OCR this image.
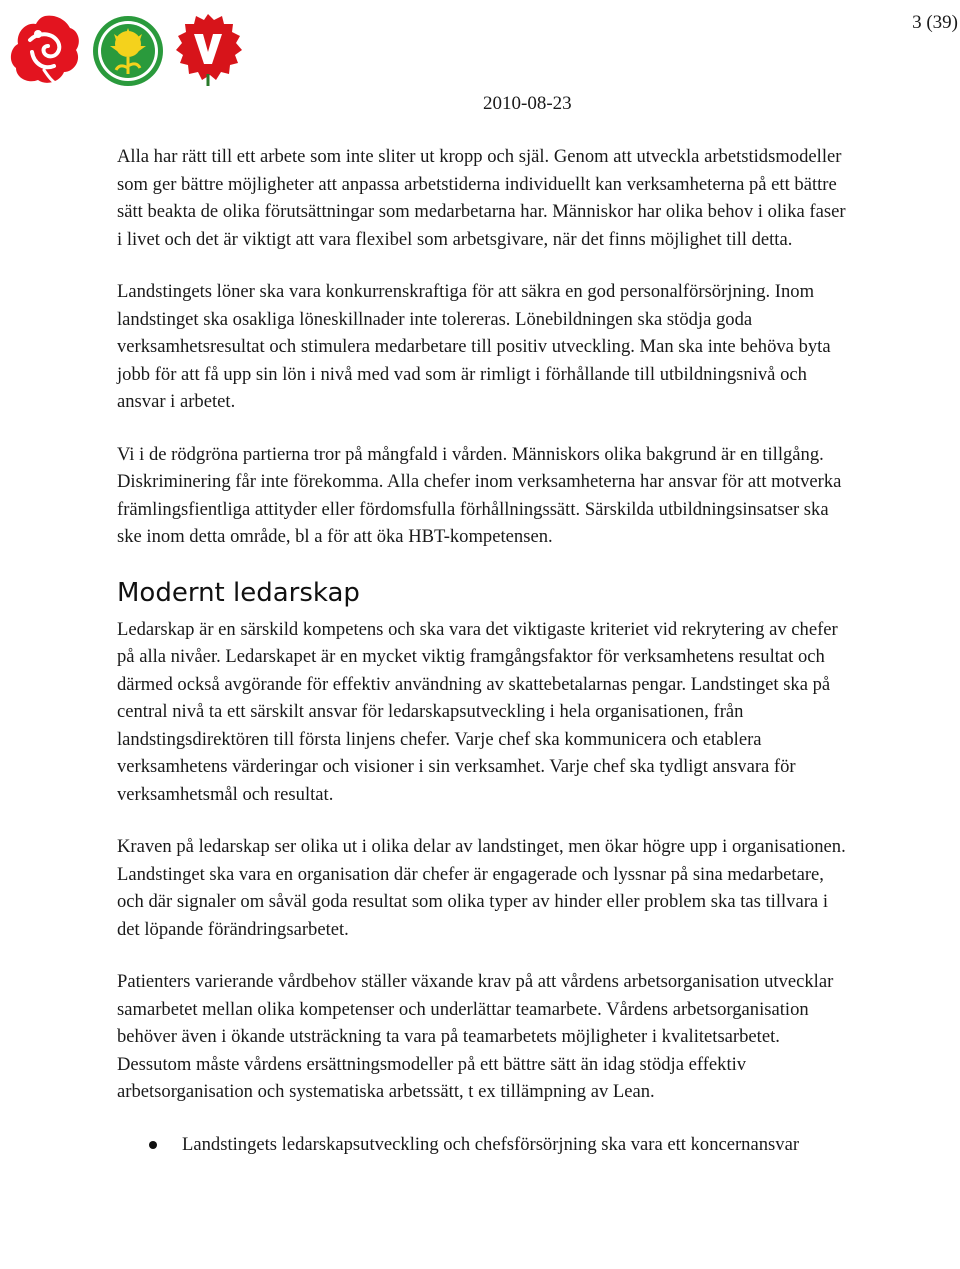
3 (39)
2010-08-23

Alla har rätt till ett arbete som inte sliter ut kropp och själ. Genom att utveckla arbetstidsmodeller som ger bättre möjligheter att anpassa arbetstiderna individuellt kan verksamheterna på ett bättre sätt beakta de olika förutsättningar som medarbetarna har. Människor har olika behov i olika faser i livet och det är viktigt att vara flexibel som arbetsgivare, när det finns möjlighet till detta.

Landstingets löner ska vara konkurrenskraftiga för att säkra en god personalförsörjning. Inom landstinget ska osakliga löneskillnader inte tolereras. Lönebildningen ska stödja goda verksamhetsresultat och stimulera medarbetare till positiv utveckling. Man ska inte behöva byta jobb för att få upp sin lön i nivå med vad som är rimligt i förhållande till utbildningsnivå och ansvar i arbetet.

Vi i de rödgröna partierna tror på mångfald i vården. Människors olika bakgrund är en tillgång. Diskriminering får inte förekomma. Alla chefer inom verksamheterna har ansvar för att motverka främlingsfientliga attityder eller fördomsfulla förhållningssätt. Särskilda utbildningsinsatser ska ske inom detta område, bl a för att öka HBT-kompetensen.

Modernt ledarskap

Ledarskap är en särskild kompetens och ska vara det viktigaste kriteriet vid rekrytering av chefer på alla nivåer. Ledarskapet är en mycket viktig framgångsfaktor för verksamhetens resultat och därmed också avgörande för effektiv användning av skattebetalarnas pengar. Landstinget ska på central nivå ta ett särskilt ansvar för ledarskapsutveckling i hela organisationen, från landstingsdirektören till första linjens chefer. Varje chef ska kommunicera och etablera verksamhetens värderingar och visioner i sin verksamhet. Varje chef ska tydligt ansvara för verksamhetsmål och resultat.

Kraven på ledarskap ser olika ut i olika delar av landstinget, men ökar högre upp i organisationen. Landstinget ska vara en organisation där chefer är engagerade och lyssnar på sina medarbetare, och där signaler om såväl goda resultat som olika typer av hinder eller problem ska tas tillvara i det löpande förändringsarbetet.

Patienters varierande vårdbehov ställer växande krav på att vårdens arbetsorganisation utvecklar samarbetet mellan olika kompetenser och underlättar teamarbete. Vårdens arbetsorganisation behöver även i ökande utsträckning ta vara på teamarbetets möjligheter i kvalitetsarbetet. Dessutom måste vårdens ersättningsmodeller på ett bättre sätt än idag stödja effektiv arbetsorganisation och systematiska arbetssätt, t ex tillämpning av Lean.

Landstingets ledarskapsutveckling och chefsförsörjning ska vara ett koncernansvar
